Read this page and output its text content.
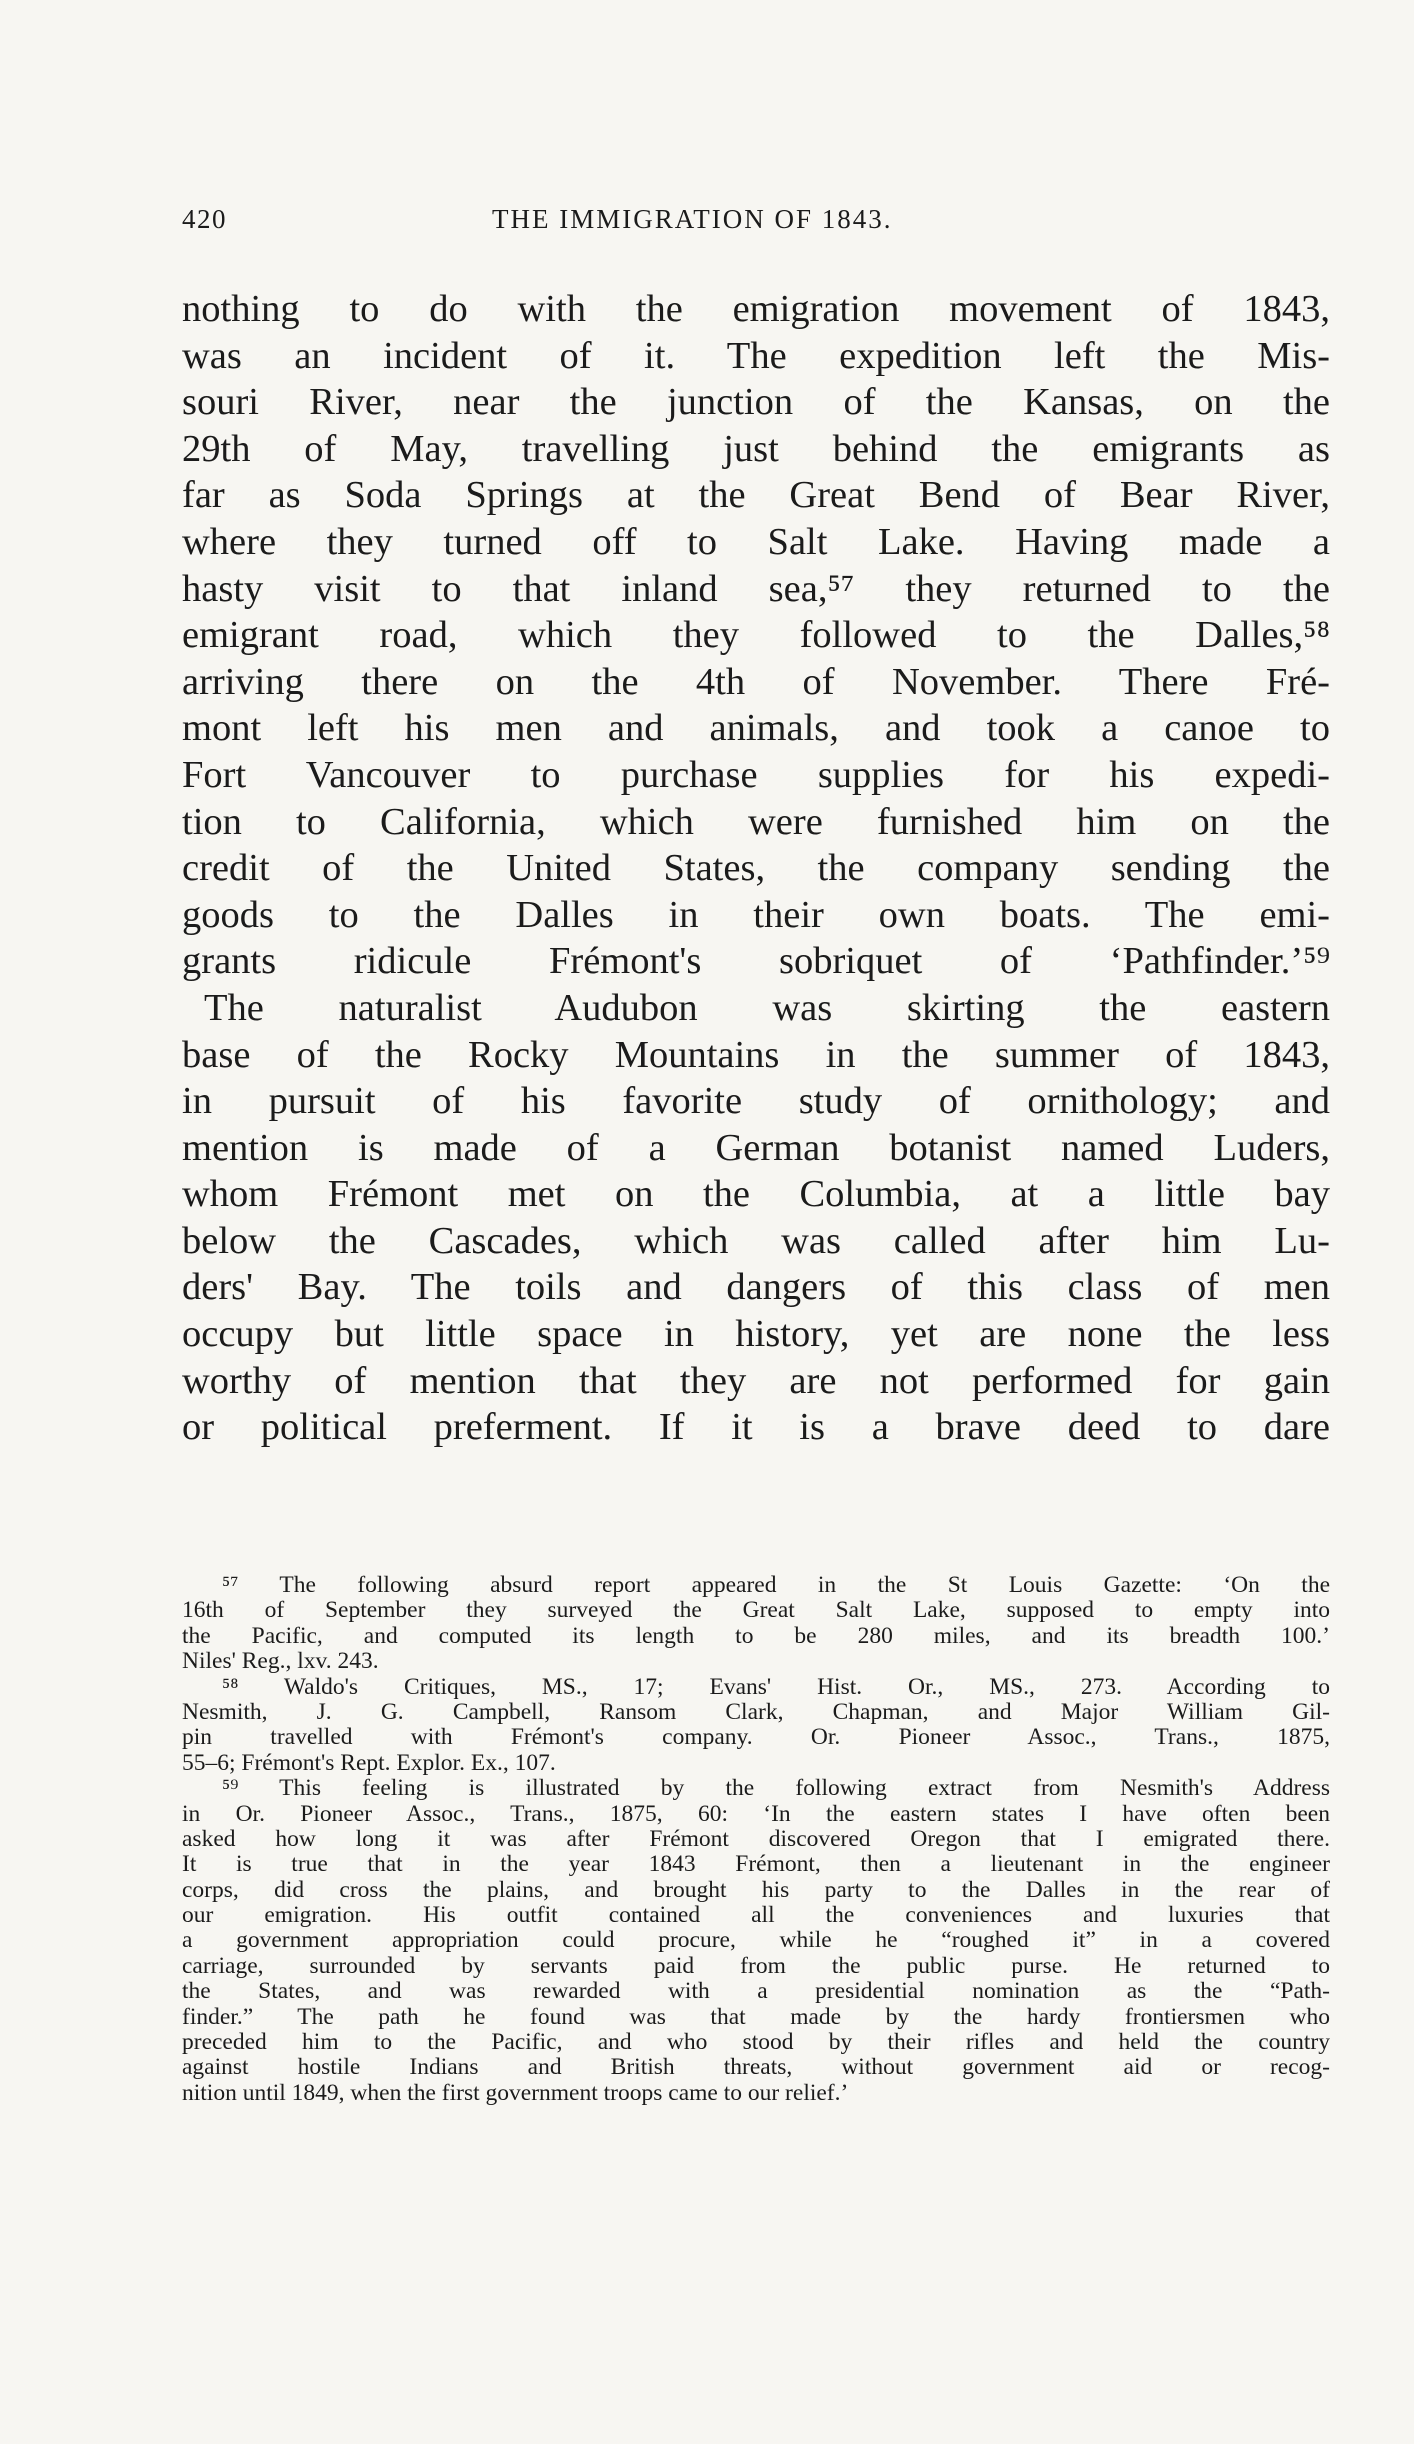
420	THE IMMIGRATION OF 1843.
nothing to do with the emigration movement of 1843,
was an incident of it. The expedition left the Mis-
souri River, near the junction of the Kansas, on the
29th of May, travelling just behind the emigrants as
far as Soda Springs at the Great Bend of Bear River,
where they turned off to Salt Lake. Having made a
hasty visit to that inland sea,⁵⁷ they returned to the
emigrant road, which they followed to the Dalles,⁵⁸
arriving there on the 4th of November. There Fré-
mont left his men and animals, and took a canoe to
Fort Vancouver to purchase supplies for his expedi-
tion to California, which were furnished him on the
credit of the United States, the company sending the
goods to the Dalles in their own boats. The emi-
grants ridicule Frémont's sobriquet of ‘Pathfinder.’⁵⁹
The naturalist Audubon was skirting the eastern
base of the Rocky Mountains in the summer of 1843,
in pursuit of his favorite study of ornithology; and
mention is made of a German botanist named Luders,
whom Frémont met on the Columbia, at a little bay
below the Cascades, which was called after him Lu-
ders' Bay. The toils and dangers of this class of men
occupy but little space in history, yet are none the less
worthy of mention that they are not performed for gain
or political preferment. If it is a brave deed to dare
⁵⁷ The following absurd report appeared in the St Louis Gazette: ‘On the
16th of September they surveyed the Great Salt Lake, supposed to empty into
the Pacific, and computed its length to be 280 miles, and its breadth 100.’
Niles' Reg., lxv. 243.
⁵⁸ Waldo's Critiques, MS., 17; Evans' Hist. Or., MS., 273. According to
Nesmith, J. G. Campbell, Ransom Clark, Chapman, and Major William Gil-
pin travelled with Frémont's company. Or. Pioneer Assoc., Trans., 1875,
55–6; Frémont's Rept. Explor. Ex., 107.
⁵⁹ This feeling is illustrated by the following extract from Nesmith's Address
in Or. Pioneer Assoc., Trans., 1875, 60: ‘In the eastern states I have often been
asked how long it was after Frémont discovered Oregon that I emigrated there.
It is true that in the year 1843 Frémont, then a lieutenant in the engineer
corps, did cross the plains, and brought his party to the Dalles in the rear of
our emigration. His outfit contained all the conveniences and luxuries that
a government appropriation could procure, while he “roughed it” in a covered
carriage, surrounded by servants paid from the public purse. He returned to
the States, and was rewarded with a presidential nomination as the “Path-
finder.” The path he found was that made by the hardy frontiersmen who
preceded him to the Pacific, and who stood by their rifles and held the country
against hostile Indians and British threats, without government aid or recog-
nition until 1849, when the first government troops came to our relief.’
